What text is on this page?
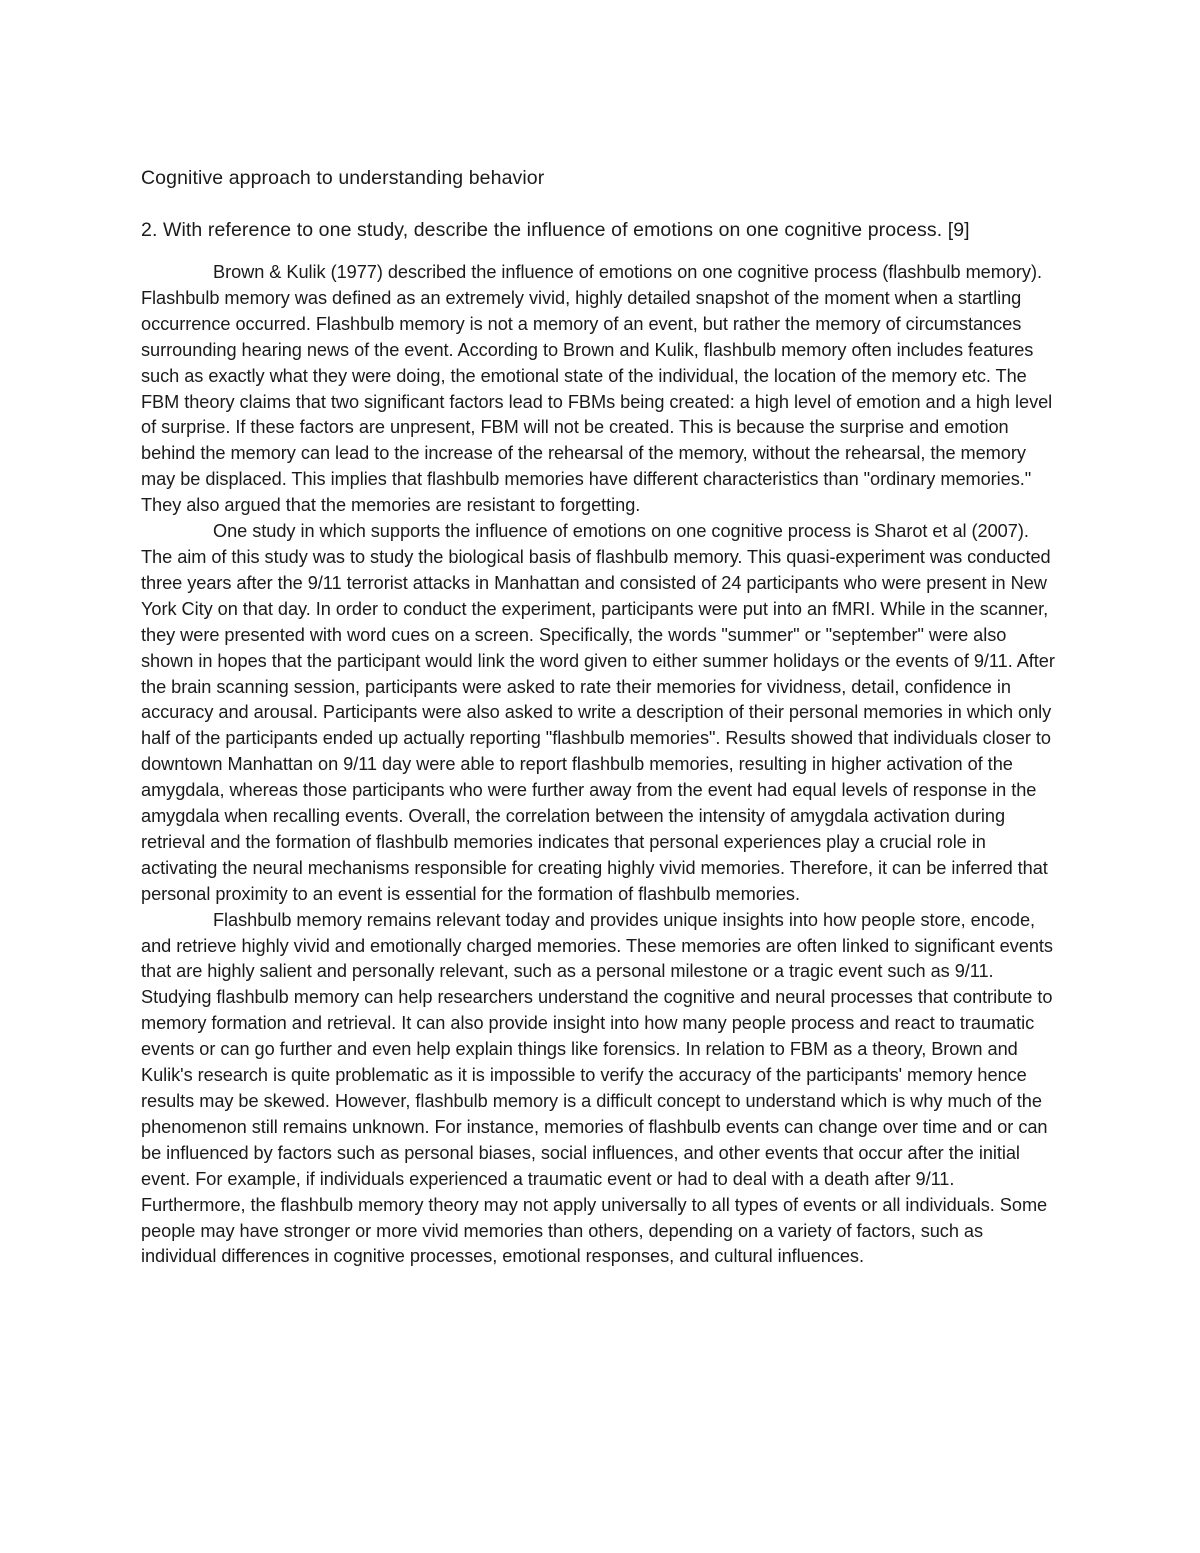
Cognitive approach to understanding behavior

2. With reference to one study, describe the influence of emotions on one cognitive process. [9]

Brown & Kulik (1977) described the influence of emotions on one cognitive process (flashbulb memory). Flashbulb memory was defined as an extremely vivid, highly detailed snapshot of the moment when a startling occurrence occurred. Flashbulb memory is not a memory of an event, but rather the memory of circumstances surrounding hearing news of the event. According to Brown and Kulik, flashbulb memory often includes features such as exactly what they were doing, the emotional state of the individual, the location of the memory etc. The FBM theory claims that two significant factors lead to FBMs being created: a high level of emotion and a high level of surprise. If these factors are unpresent, FBM will not be created. This is because the surprise and emotion behind the memory can lead to the increase of the rehearsal of the memory, without the rehearsal, the memory may be displaced. This implies that flashbulb memories have different characteristics than "ordinary memories." They also argued that the memories are resistant to forgetting.

One study in which supports the influence of emotions on one cognitive process is Sharot et al (2007). The aim of this study was to study the biological basis of flashbulb memory. This quasi-experiment was conducted three years after the 9/11 terrorist attacks in Manhattan and consisted of 24 participants who were present in New York City on that day. In order to conduct the experiment, participants were put into an fMRI. While in the scanner, they were presented with word cues on a screen. Specifically, the words "summer" or "september" were also shown in hopes that the participant would link the word given to either summer holidays or the events of 9/11. After the brain scanning session, participants were asked to rate their memories for vividness, detail, confidence in accuracy and arousal. Participants were also asked to write a description of their personal memories in which only half of the participants ended up actually reporting "flashbulb memories". Results showed that individuals closer to downtown Manhattan on 9/11 day were able to report flashbulb memories, resulting in higher activation of the amygdala, whereas those participants who were further away from the event had equal levels of response in the amygdala when recalling events. Overall, the correlation between the intensity of amygdala activation during retrieval and the formation of flashbulb memories indicates that personal experiences play a crucial role in activating the neural mechanisms responsible for creating highly vivid memories. Therefore, it can be inferred that personal proximity to an event is essential for the formation of flashbulb memories.

Flashbulb memory remains relevant today and provides unique insights into how people store, encode, and retrieve highly vivid and emotionally charged memories. These memories are often linked to significant events that are highly salient and personally relevant, such as a personal milestone or a tragic event such as 9/11. Studying flashbulb memory can help researchers understand the cognitive and neural processes that contribute to memory formation and retrieval. It can also provide insight into how many people process and react to traumatic events or can go further and even help explain things like forensics. In relation to FBM as a theory, Brown and Kulik's research is quite problematic as it is impossible to verify the accuracy of the participants' memory hence results may be skewed. However, flashbulb memory is a difficult concept to understand which is why much of the phenomenon still remains unknown. For instance, memories of flashbulb events can change over time and or can be influenced by factors such as personal biases, social influences, and other events that occur after the initial event. For example, if individuals experienced a traumatic event or had to deal with a death after 9/11. Furthermore, the flashbulb memory theory may not apply universally to all types of events or all individuals. Some people may have stronger or more vivid memories than others, depending on a variety of factors, such as individual differences in cognitive processes, emotional responses, and cultural influences.
